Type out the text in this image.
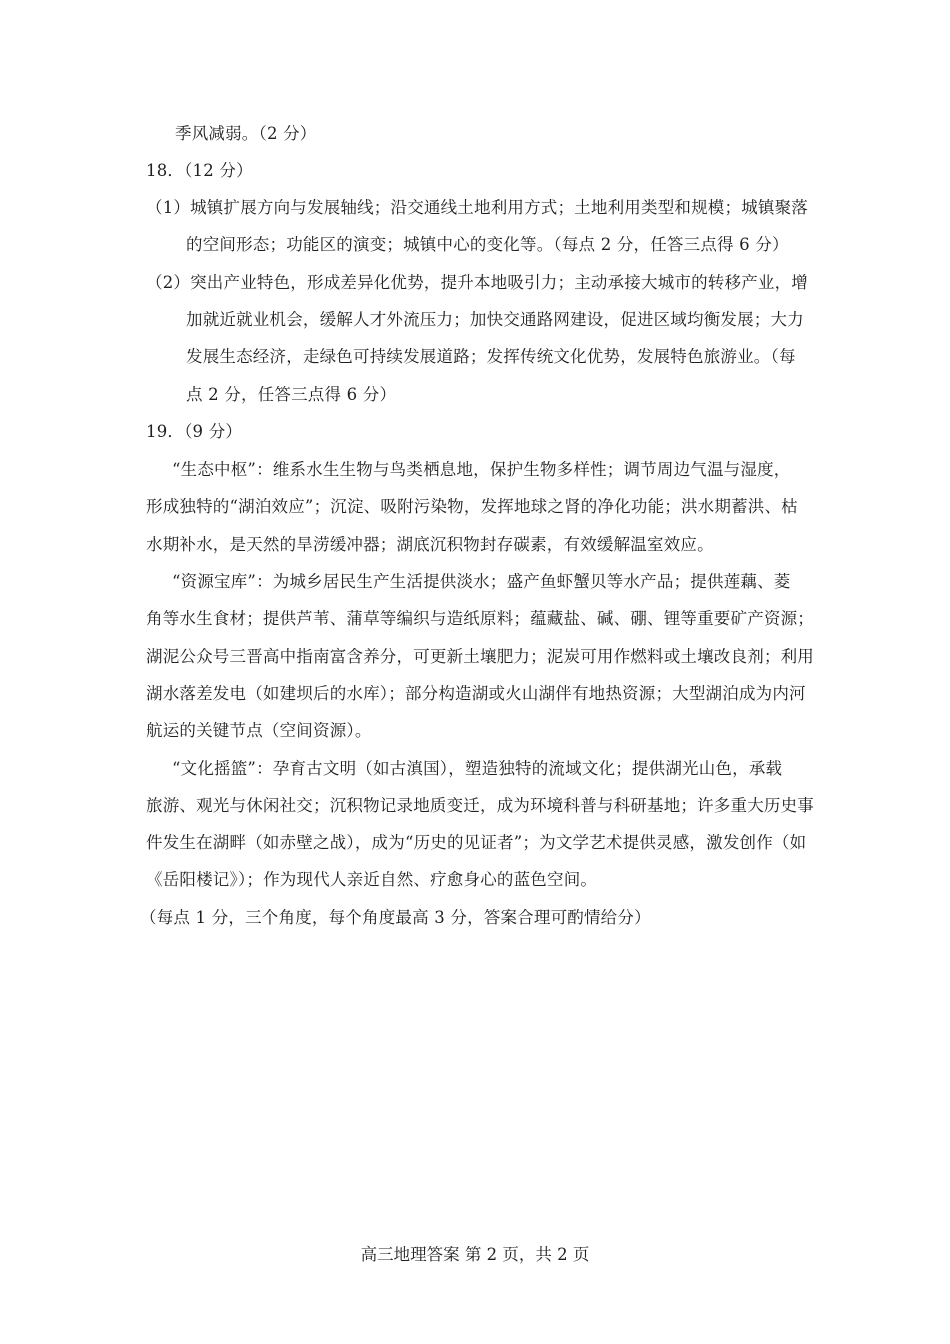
季风减弱。（2 分）
18．（12 分）
（1）城镇扩展方向与发展轴线；沿交通线土地利用方式；土地利用类型和规模；城镇聚落
的空间形态；功能区的演变；城镇中心的变化等。（每点 2 分，任答三点得 6 分）
（2）突出产业特色，形成差异化优势，提升本地吸引力；主动承接大城市的转移产业，增
加就近就业机会，缓解人才外流压力；加快交通路网建设，促进区域均衡发展；大力
发展生态经济，走绿色可持续发展道路；发挥传统文化优势，发展特色旅游业。（每
点 2 分，任答三点得 6 分）
19．（9 分）
“生态中枢”：维系水生生物与鸟类栖息地，保护生物多样性；调节周边气温与湿度，
形成独特的“湖泊效应”；沉淀、吸附污染物，发挥地球之肾的净化功能；洪水期蓄洪、枯
水期补水，是天然的旱涝缓冲器；湖底沉积物封存碳素，有效缓解温室效应。
“资源宝库”：为城乡居民生产生活提供淡水；盛产鱼虾蟹贝等水产品；提供莲藕、菱
角等水生食材；提供芦苇、蒲草等编织与造纸原料；蕴藏盐、碱、硼、锂等重要矿产资源；
湖泥公众号三晋高中指南富含养分，可更新土壤肥力；泥炭可用作燃料或土壤改良剂；利用
湖水落差发电（如建坝后的水库）；部分构造湖或火山湖伴有地热资源；大型湖泊成为内河
航运的关键节点（空间资源）。
“文化摇篮”：孕育古文明（如古滇国），塑造独特的流域文化；提供湖光山色，承载
旅游、观光与休闲社交；沉积物记录地质变迁，成为环境科普与科研基地；许多重大历史事
件发生在湖畔（如赤壁之战），成为“历史的见证者”；为文学艺术提供灵感，激发创作（如
《岳阳楼记》）；作为现代人亲近自然、疗愈身心的蓝色空间。
（每点 1 分，三个角度，每个角度最高 3 分，答案合理可酌情给分）
高三地理答案 第 2 页，共 2 页
